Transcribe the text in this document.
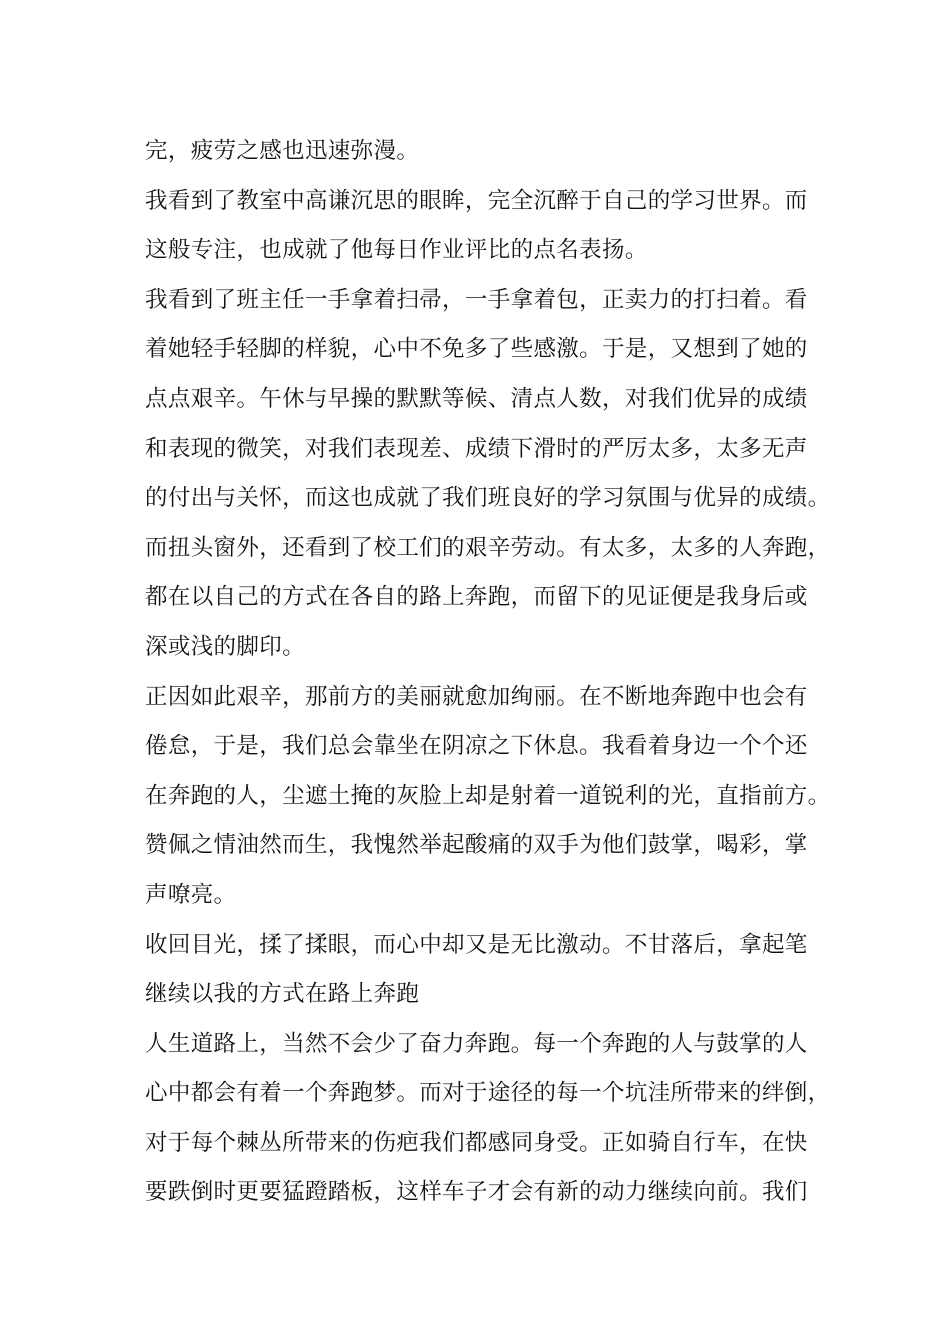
完，疲劳之感也迅速弥漫。
我看到了教室中高谦沉思的眼眸，完全沉醉于自己的学习世界。而
这般专注，也成就了他每日作业评比的点名表扬。
我看到了班主任一手拿着扫帚，一手拿着包，正卖力的打扫着。看
着她轻手轻脚的样貌，心中不免多了些感激。于是，又想到了她的
点点艰辛。午休与早操的默默等候、清点人数，对我们优异的成绩
和表现的微笑，对我们表现差、成绩下滑时的严厉太多，太多无声
的付出与关怀，而这也成就了我们班良好的学习氛围与优异的成绩。
而扭头窗外，还看到了校工们的艰辛劳动。有太多，太多的人奔跑，
都在以自己的方式在各自的路上奔跑，而留下的见证便是我身后或
深或浅的脚印。
正因如此艰辛，那前方的美丽就愈加绚丽。在不断地奔跑中也会有
倦怠，于是，我们总会靠坐在阴凉之下休息。我看着身边一个个还
在奔跑的人，尘遮土掩的灰脸上却是射着一道锐利的光，直指前方。
赞佩之情油然而生，我愧然举起酸痛的双手为他们鼓掌，喝彩，掌
声嘹亮。
收回目光，揉了揉眼，而心中却又是无比激动。不甘落后，拿起笔
继续以我的方式在路上奔跑
人生道路上，当然不会少了奋力奔跑。每一个奔跑的人与鼓掌的人
心中都会有着一个奔跑梦。而对于途径的每一个坑洼所带来的绊倒，
对于每个棘丛所带来的伤疤我们都感同身受。正如骑自行车，在快
要跌倒时更要猛蹬踏板，这样车子才会有新的动力继续向前。我们
